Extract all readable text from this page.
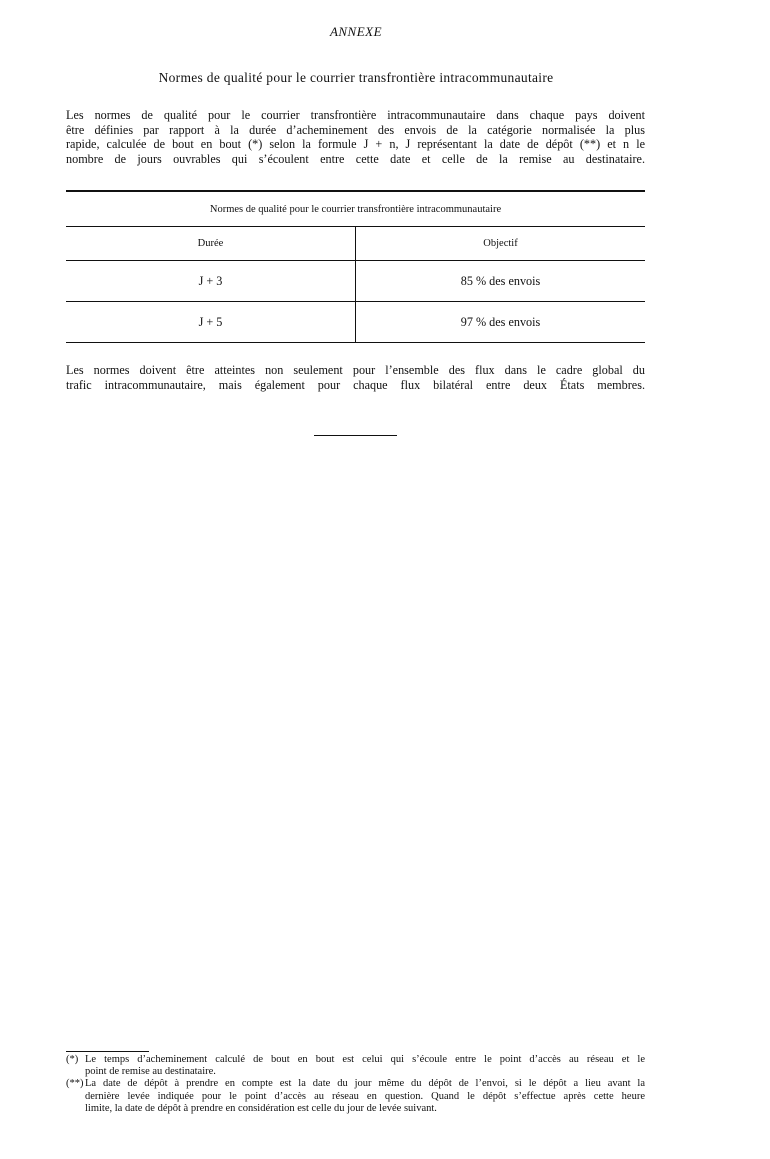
ANNEXE
Normes de qualité pour le courrier transfrontière intracommunautaire
Les normes de qualité pour le courrier transfrontière intracommunautaire dans chaque pays doivent
être définies par rapport à la durée d’acheminement des envois de la catégorie normalisée la plus
rapide, calculée de bout en bout (*) selon la formule J + n, J représentant la date de dépôt (**) et n le
nombre de jours ouvrables qui s’écoulent entre cette date et celle de la remise au destinataire.
Normes de qualité pour le courrier transfrontière intracommunautaire	
Durée	Objectif
J + 3	85 % des envois
J + 5	97 % des envois
Les normes doivent être atteintes non seulement pour l’ensemble des flux dans le cadre global du
trafic intracommunautaire, mais également pour chaque flux bilatéral entre deux États membres.
(*) Le temps d’acheminement calculé de bout en bout est celui qui s’écoule entre le point d’accès au réseau et le
point de remise au destinataire.
(**) La date de dépôt à prendre en compte est la date du jour même du dépôt de l’envoi, si le dépôt a lieu avant la
dernière levée indiquée pour le point d’accès au réseau en question. Quand le dépôt s’effectue après cette heure
limite, la date de dépôt à prendre en considération est celle du jour de levée suivant.
